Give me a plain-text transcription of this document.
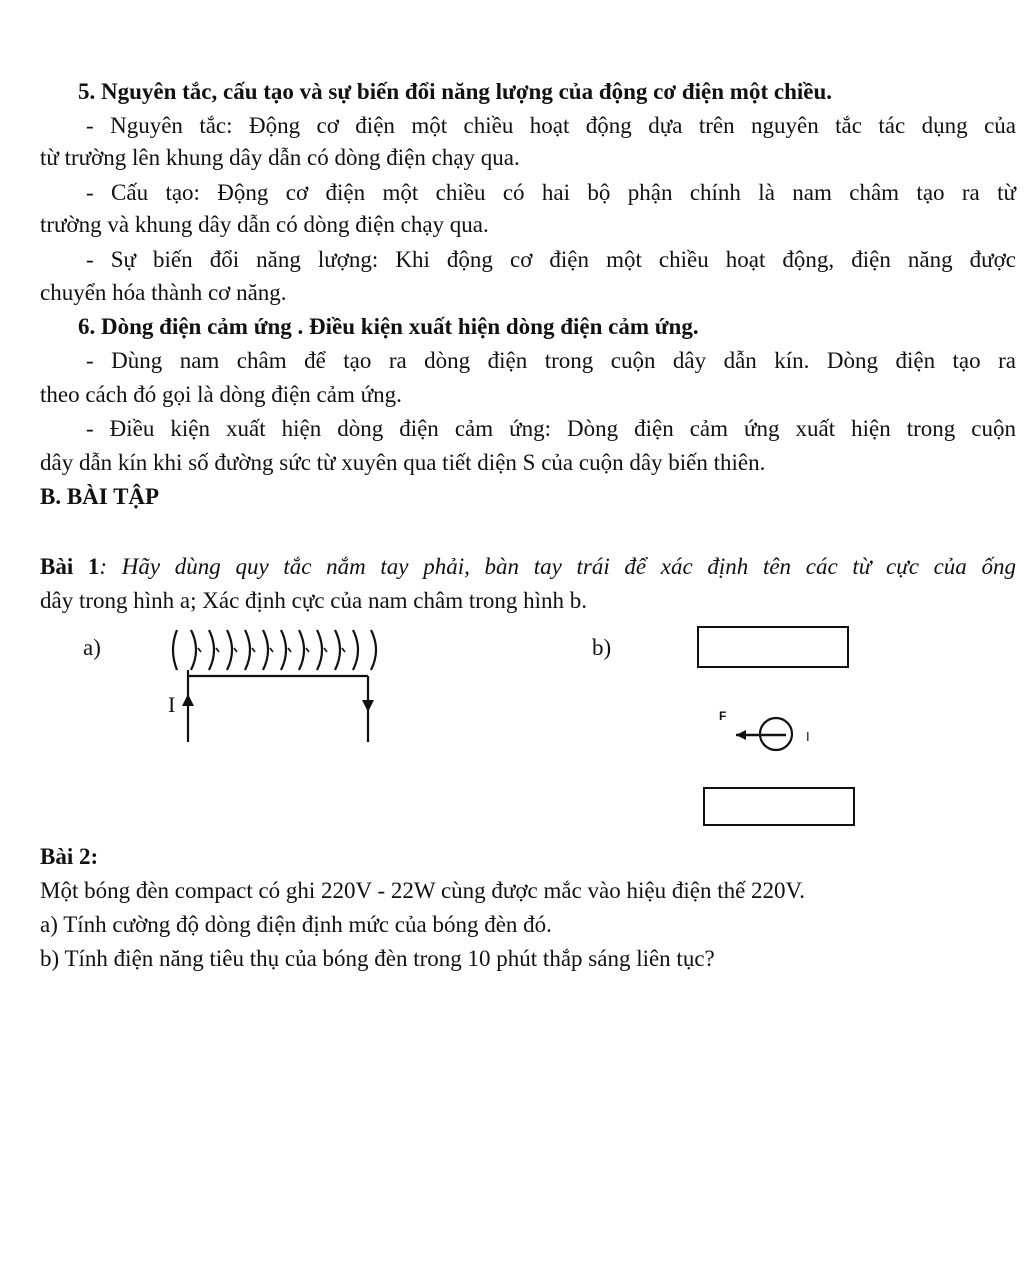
5. Nguyên tắc, cấu tạo và sự biến đổi năng lượng của động cơ điện một chiều.
- Nguyên tắc: Động cơ điện một chiều hoạt động dựa trên nguyên tắc tác dụng của
từ trường lên khung dây dẫn có dòng điện chạy qua.
- Cấu tạo: Động cơ điện một chiều có hai bộ phận chính là nam châm tạo ra từ
trường và khung dây dẫn có dòng điện chạy qua.
- Sự biến đổi năng lượng: Khi động cơ điện một chiều hoạt động, điện năng được
chuyển hóa thành cơ năng.
6. Dòng điện cảm ứng . Điều kiện xuất hiện dòng điện cảm ứng.
- Dùng nam châm để tạo ra dòng điện trong cuộn dây dẫn kín. Dòng điện tạo ra
theo cách đó gọi là dòng điện cảm ứng.
- Điều kiện xuất hiện dòng điện cảm ứng: Dòng điện cảm ứng xuất hiện trong cuộn
dây dẫn kín khi số đường sức từ xuyên qua tiết diện S của cuộn dây biến thiên.
B. BÀI TẬP
Bài 1: Hãy dùng quy tắc nắm tay phải, bàn tay trái để xác định tên các từ cực của ống
dây trong hình a; Xác định cực của nam châm trong hình b.
a)
I
b)
F
I
Bài 2:
Một bóng đèn compact có ghi 220V - 22W cùng được mắc vào hiệu điện thế 220V.
a) Tính cường độ dòng điện định mức của bóng đèn đó.
b) Tính điện năng tiêu thụ của bóng đèn trong 10 phút thắp sáng liên tục?
